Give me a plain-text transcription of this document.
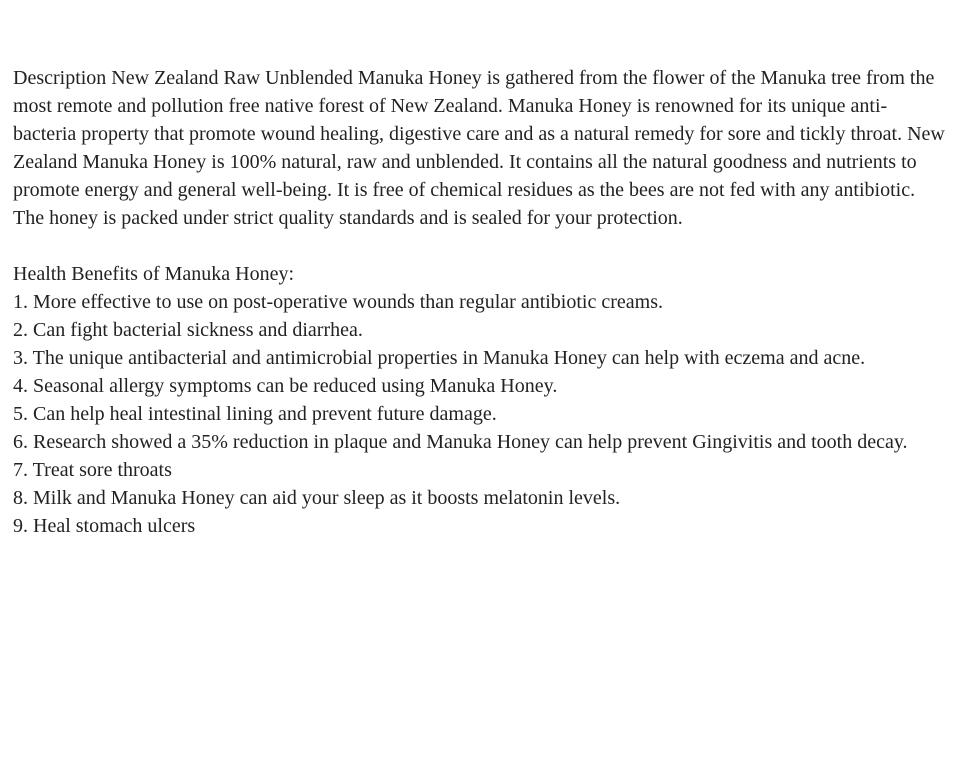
Description New Zealand Raw Unblended Manuka Honey is gathered from the flower of the Manuka tree from the most remote and pollution free native forest of New Zealand. Manuka Honey is renowned for its unique anti-bacteria property that promote wound healing, digestive care and as a natural remedy for sore and tickly throat. New Zealand Manuka Honey is 100% natural, raw and unblended. It contains all the natural goodness and nutrients to promote energy and general well-being. It is free of chemical residues as the bees are not fed with any antibiotic. The honey is packed under strict quality standards and is sealed for your protection.

Health Benefits of Manuka Honey:
1. More effective to use on post-operative wounds than regular antibiotic creams.
2. Can fight bacterial sickness and diarrhea.
3. The unique antibacterial and antimicrobial properties in Manuka Honey can help with eczema and acne.
4. Seasonal allergy symptoms can be reduced using Manuka Honey.
5. Can help heal intestinal lining and prevent future damage.
6. Research showed a 35% reduction in plaque and Manuka Honey can help prevent Gingivitis and tooth decay.
7. Treat sore throats
8. Milk and Manuka Honey can aid your sleep as it boosts melatonin levels.
9. Heal stomach ulcers
